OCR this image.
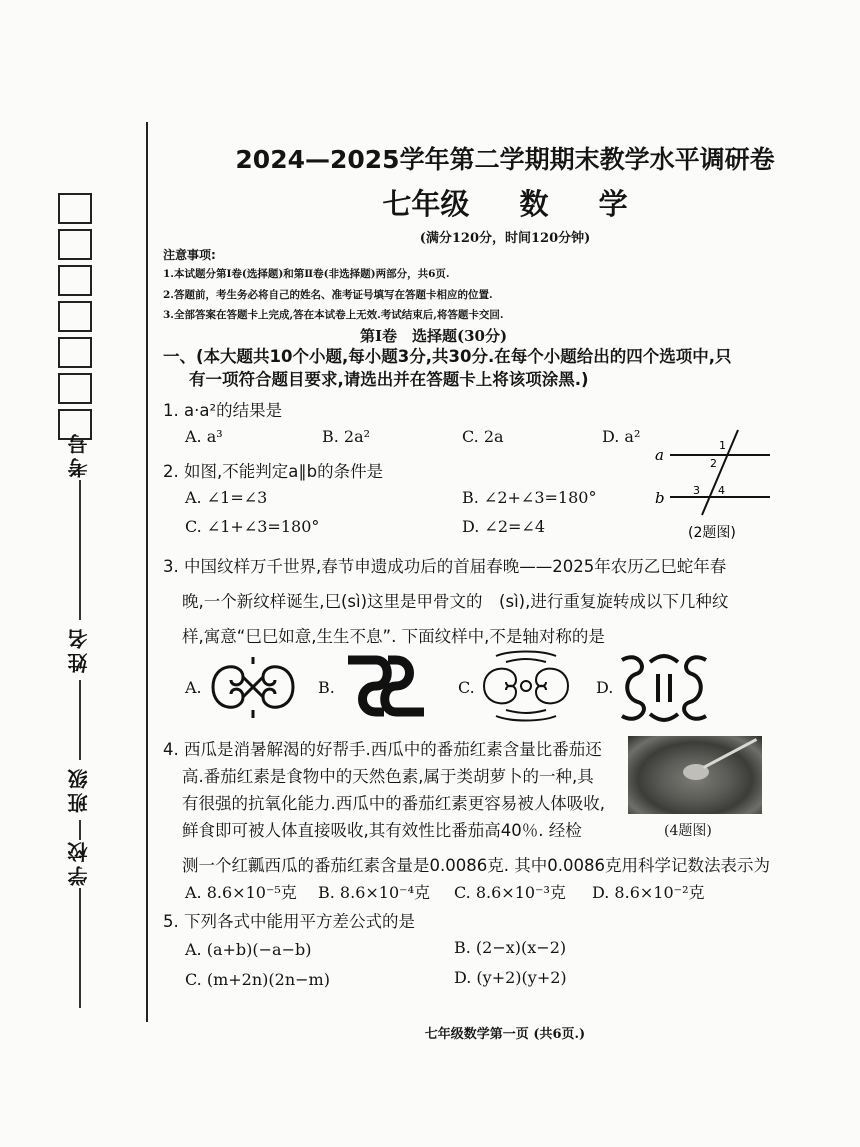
考号
姓名
班级
学校
2024—2025学年第二学期期末教学水平调研卷
七年级 数 学
(满分120分，时间120分钟)
注意事项:
1.本试题分第Ⅰ卷(选择题)和第Ⅱ卷(非选择题)两部分，共6页.
2.答题前，考生务必将自己的姓名、准考证号填写在答题卡相应的位置.
3.全部答案在答题卡上完成,答在本试卷上无效.考试结束后,将答题卡交回.
第Ⅰ卷　选择题(30分)
一、(本大题共10个小题,每小题3分,共30分.在每个小题给出的四个选项中,只
有一项符合题目要求,请选出并在答题卡上将该项涂黑.)
1. a·a²的结果是
A. a³	B. 2a²	C. 2a	D. a²
2. 如图,不能判定a∥b的条件是
A. ∠1=∠3	B. ∠2+∠3=180°
C. ∠1+∠3=180°	D. ∠2=∠4
a
b
1
2
3 4
(2题图)
3. 中国纹样万千世界,春节申遗成功后的首届春晚——2025年农历乙巳蛇年春
晚,一个新纹样诞生,巳(sì)这里是甲骨文的　(sì),进行重复旋转成以下几种纹
样,寓意“巳巳如意,生生不息”. 下面纹样中,不是轴对称的是
A.	B.	C.	D.
4. 西瓜是消暑解渴的好帮手.西瓜中的番茄红素含量比番茄还
高.番茄红素是食物中的天然色素,属于类胡萝卜的一种,具
有很强的抗氧化能力.西瓜中的番茄红素更容易被人体吸收,
鲜食即可被人体直接吸收,其有效性比番茄高40％. 经检	(4题图)
测一个红瓤西瓜的番茄红素含量是0.0086克. 其中0.0086克用科学记数法表示为
A. 8.6×10⁻⁵克 B. 8.6×10⁻⁴克 C. 8.6×10⁻³克 D. 8.6×10⁻²克
5. 下列各式中能用平方差公式的是
A. (a+b)(−a−b)	B. (2−x)(x−2)
C. (m+2n)(2n−m)	D. (y+2)(y+2)
七年级数学第一页 (共6页.)
